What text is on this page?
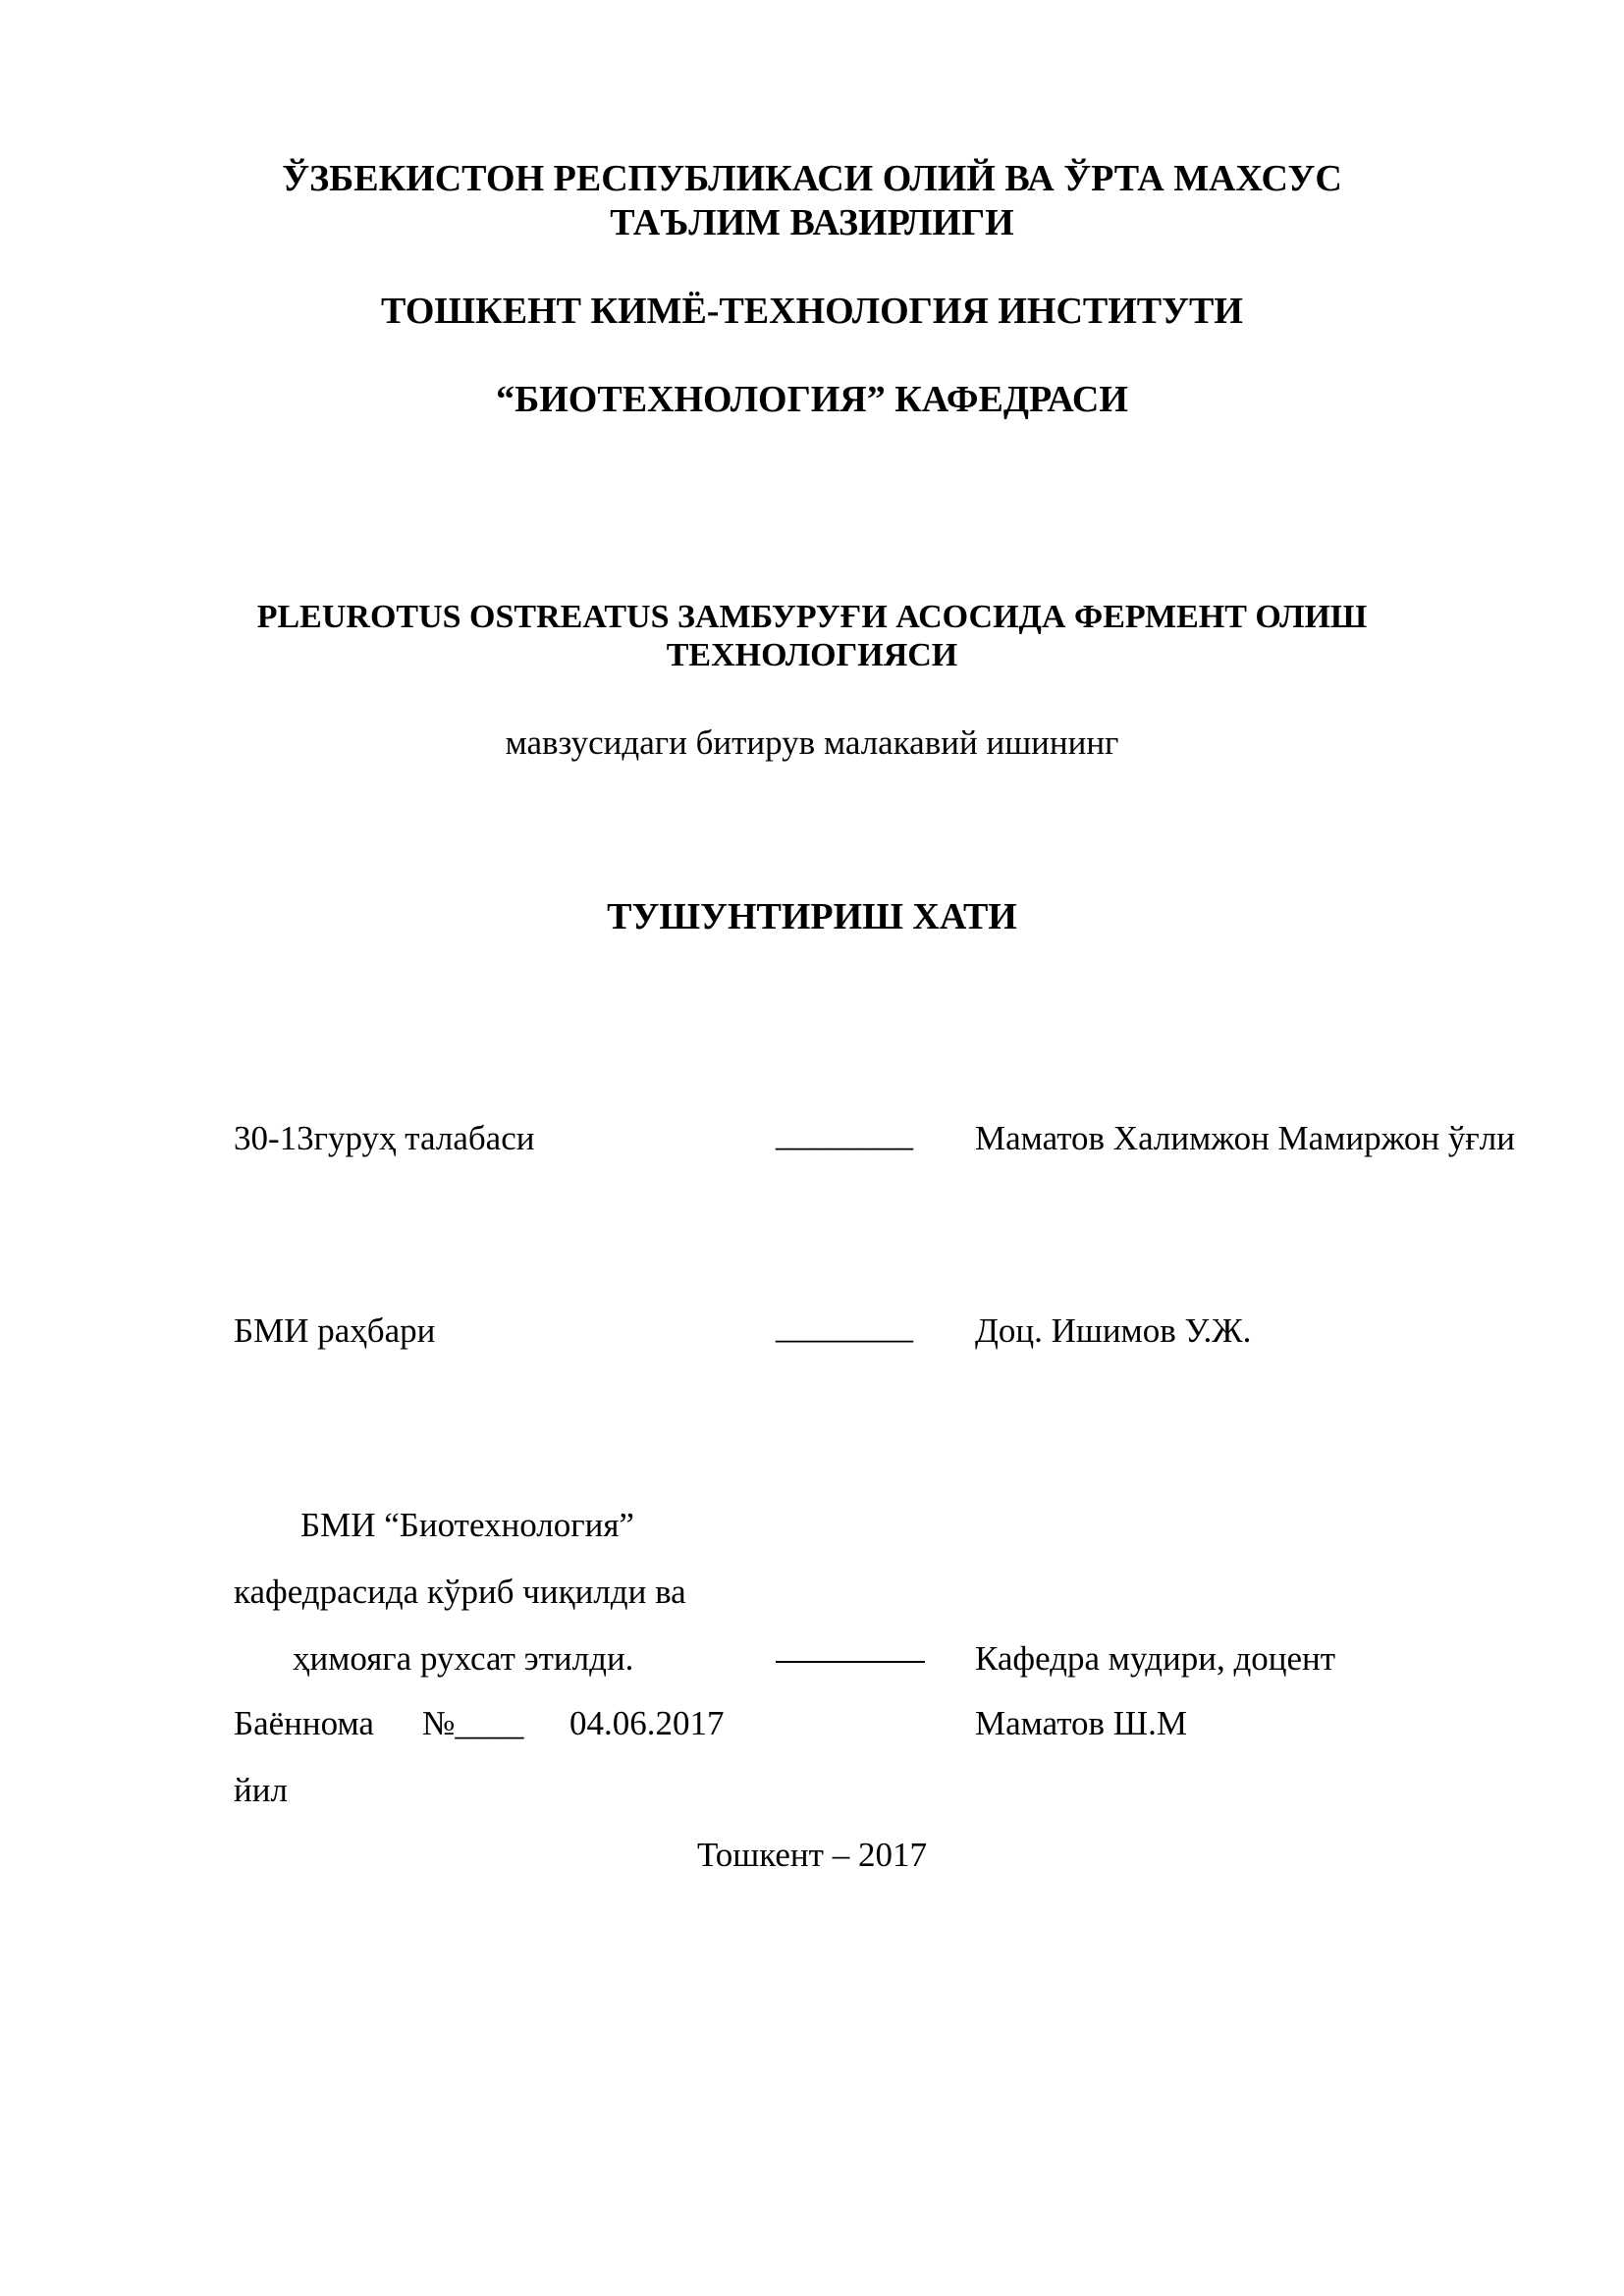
ЎЗБЕКИСТОН РЕСПУБЛИКАСИ ОЛИЙ ВА ЎРТА МАХСУС
ТАЪЛИМ ВАЗИРЛИГИ
ТОШКЕНТ КИМЁ-ТЕХНОЛОГИЯ ИНСТИТУТИ
“БИОТЕХНОЛОГИЯ” КАФЕДРАСИ
PLEUROTUS OSTREATUS ЗАМБУРУҒИ АСОСИДА ФЕРМЕНТ ОЛИШ
ТЕХНОЛОГИЯСИ
мавзусидаги битирув малакавий ишининг
ТУШУНТИРИШ ХАТИ
30-13гуруҳ талабаси	________ Маматов Халимжон Мамиржон ўғли
БМИ раҳбари	________ Доц. Ишимов У.Ж.
БМИ “Биотехнология”
кафедрасида кўриб чиқилди ва
ҳимояга рухсат этилди.	Кафедра мудири, доцент
Баённома №____ 04.06.2017	Маматов Ш.М
йил
Тошкент – 2017
